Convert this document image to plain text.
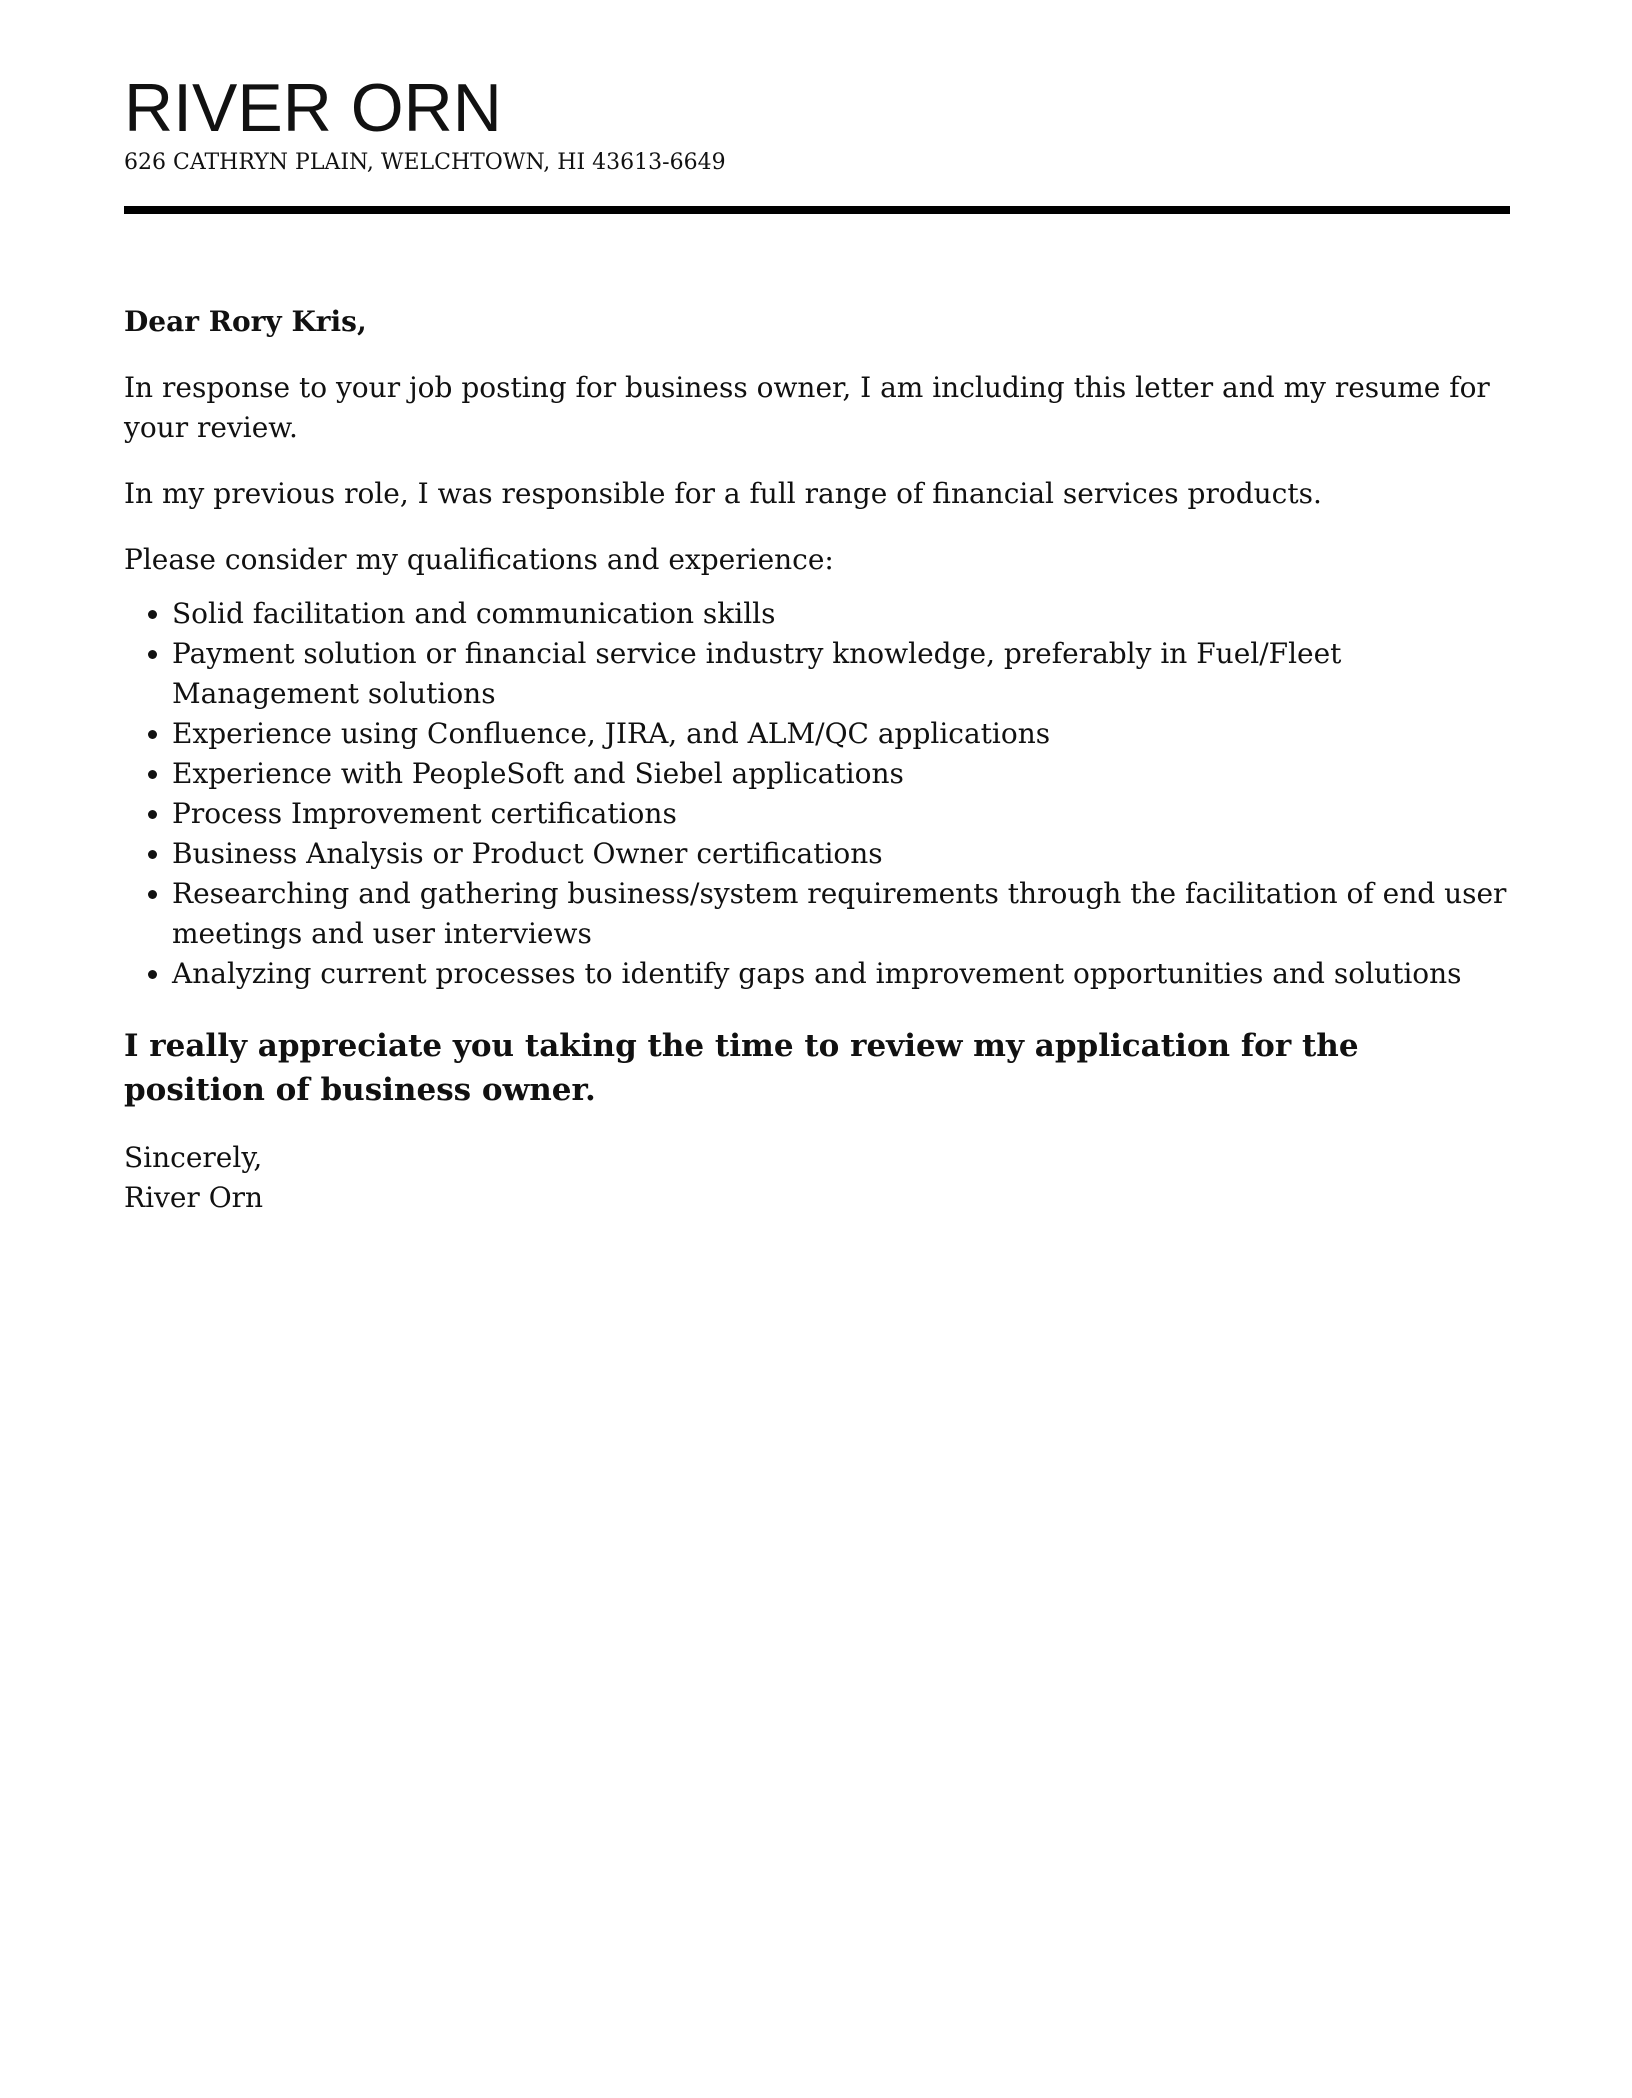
RIVER ORN
626 CATHRYN PLAIN, WELCHTOWN, HI 43613-6649

Dear Rory Kris,

In response to your job posting for business owner, I am including this letter and my resume for your review.

In my previous role, I was responsible for a full range of financial services products.

Please consider my qualifications and experience:

• Solid facilitation and communication skills
• Payment solution or financial service industry knowledge, preferably in Fuel/Fleet Management solutions
• Experience using Confluence, JIRA, and ALM/QC applications
• Experience with PeopleSoft and Siebel applications
• Process Improvement certifications
• Business Analysis or Product Owner certifications
• Researching and gathering business/system requirements through the facilitation of end user meetings and user interviews
• Analyzing current processes to identify gaps and improvement opportunities and solutions

I really appreciate you taking the time to review my application for the position of business owner.

Sincerely,

River Orn
